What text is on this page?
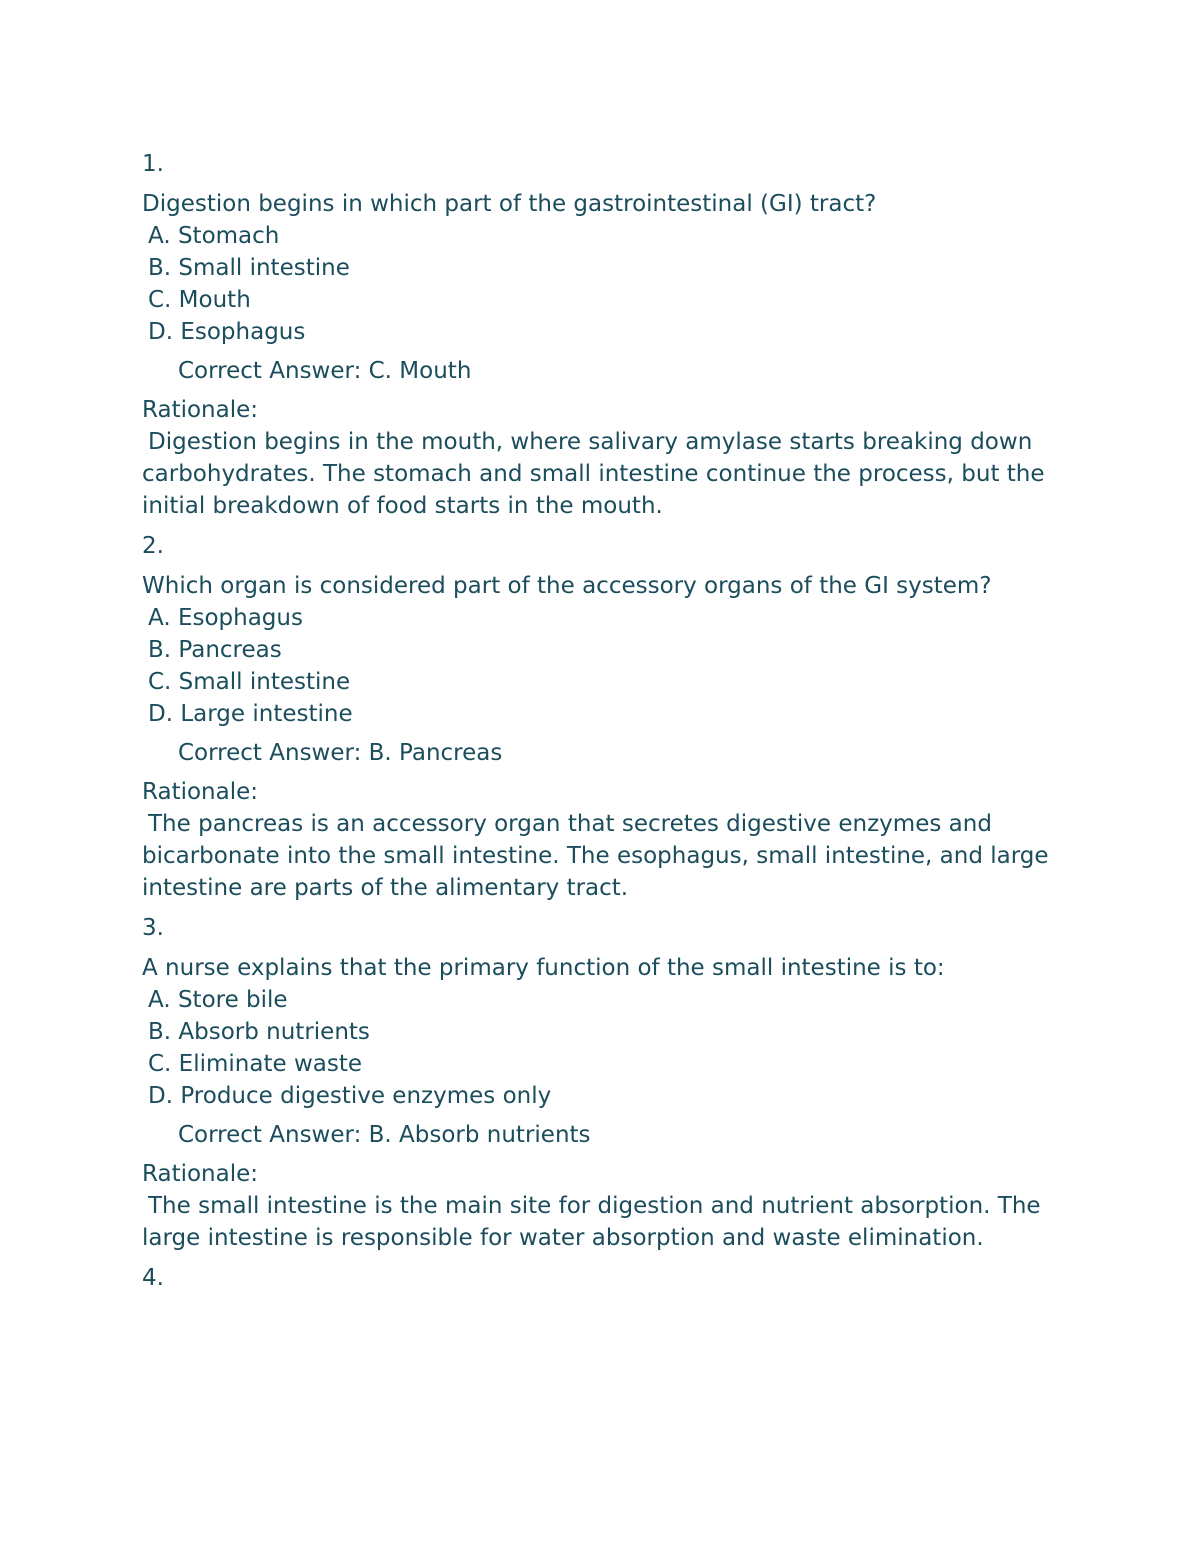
1.
Digestion begins in which part of the gastrointestinal (GI) tract?
A. Stomach
B. Small intestine
C. Mouth
D. Esophagus
Correct Answer: C. Mouth
Rationale:
Digestion begins in the mouth, where salivary amylase starts breaking down carbohydrates. The stomach and small intestine continue the process, but the initial breakdown of food starts in the mouth.
2.
Which organ is considered part of the accessory organs of the GI system?
A. Esophagus
B. Pancreas
C. Small intestine
D. Large intestine
Correct Answer: B. Pancreas
Rationale:
The pancreas is an accessory organ that secretes digestive enzymes and bicarbonate into the small intestine. The esophagus, small intestine, and large intestine are parts of the alimentary tract.
3.
A nurse explains that the primary function of the small intestine is to:
A. Store bile
B. Absorb nutrients
C. Eliminate waste
D. Produce digestive enzymes only
Correct Answer: B. Absorb nutrients
Rationale:
The small intestine is the main site for digestion and nutrient absorption. The large intestine is responsible for water absorption and waste elimination.
4.
